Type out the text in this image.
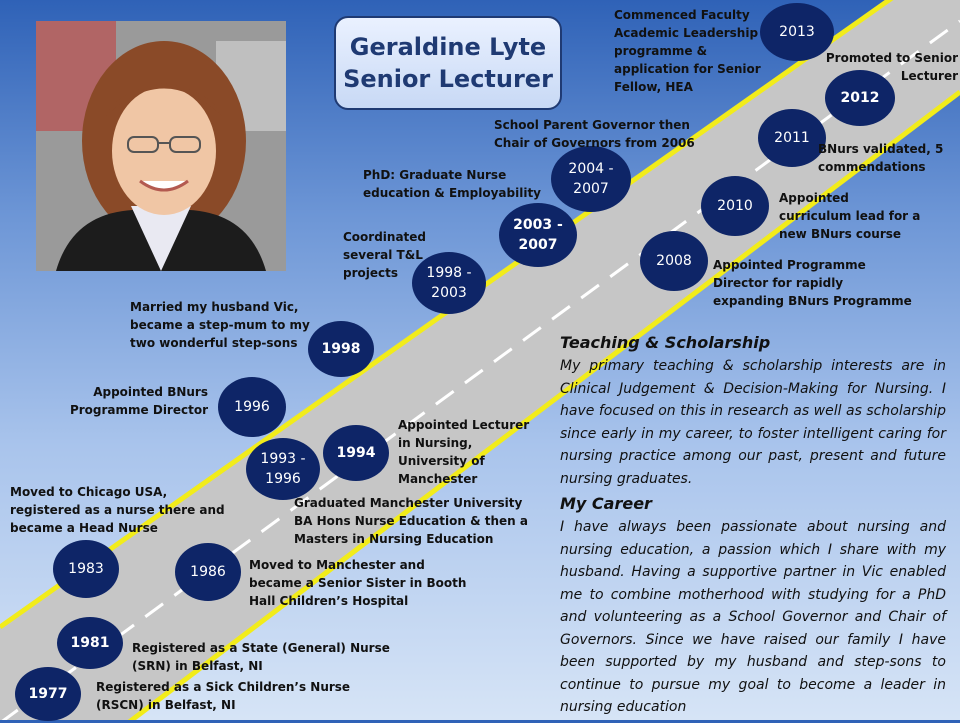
Geraldine Lyte
Senior Lecturer
1977
1981
1983	1986
1993 - 1996
1994
1996
1998
1998 - 2003
2003 - 2007
2004 - 2007
2008
2010
2011
2012
2013
Registered as a Sick Children’s Nurse (RSCN) in Belfast, NI
Registered as a State (General) Nurse (SRN) in Belfast, NI
Moved to Chicago USA, registered as a nurse there and became a Head Nurse
Moved to Manchester and became a Senior Sister in Booth Hall Children’s Hospital
Graduated Manchester University BA Hons Nurse Education & then a Masters in Nursing Education
Appointed Lecturer in Nursing, University of Manchester
Appointed BNurs Programme Director
Married my husband Vic, became a step-mum to my two wonderful step-sons
Coordinated several T&L projects
PhD: Graduate Nurse education & Employability
School Parent Governor then Chair of Governors from 2006
Appointed Programme Director for rapidly expanding BNurs Programme
Appointed curriculum lead for a new BNurs course
BNurs validated, 5 commendations
Promoted to Senior Lecturer
Commenced Faculty Academic Leadership programme & application for Senior Fellow, HEA
Teaching & Scholarship

My primary teaching & scholarship interests are in Clinical Judgement & Decision-Making for Nursing. I have focused on this in research as well as scholarship since early in my career, to foster intelligent caring for nursing practice among our past, present and future nursing graduates.

My Career

I have always been passionate about nursing and nursing education, a passion which I share with my husband. Having a supportive partner in Vic enabled me to combine motherhood with studying for a PhD and volunteering as a School Governor and Chair of Governors. Since we have raised our family I have been supported by my husband and step-sons to continue to pursue my goal to become a leader in nursing education
